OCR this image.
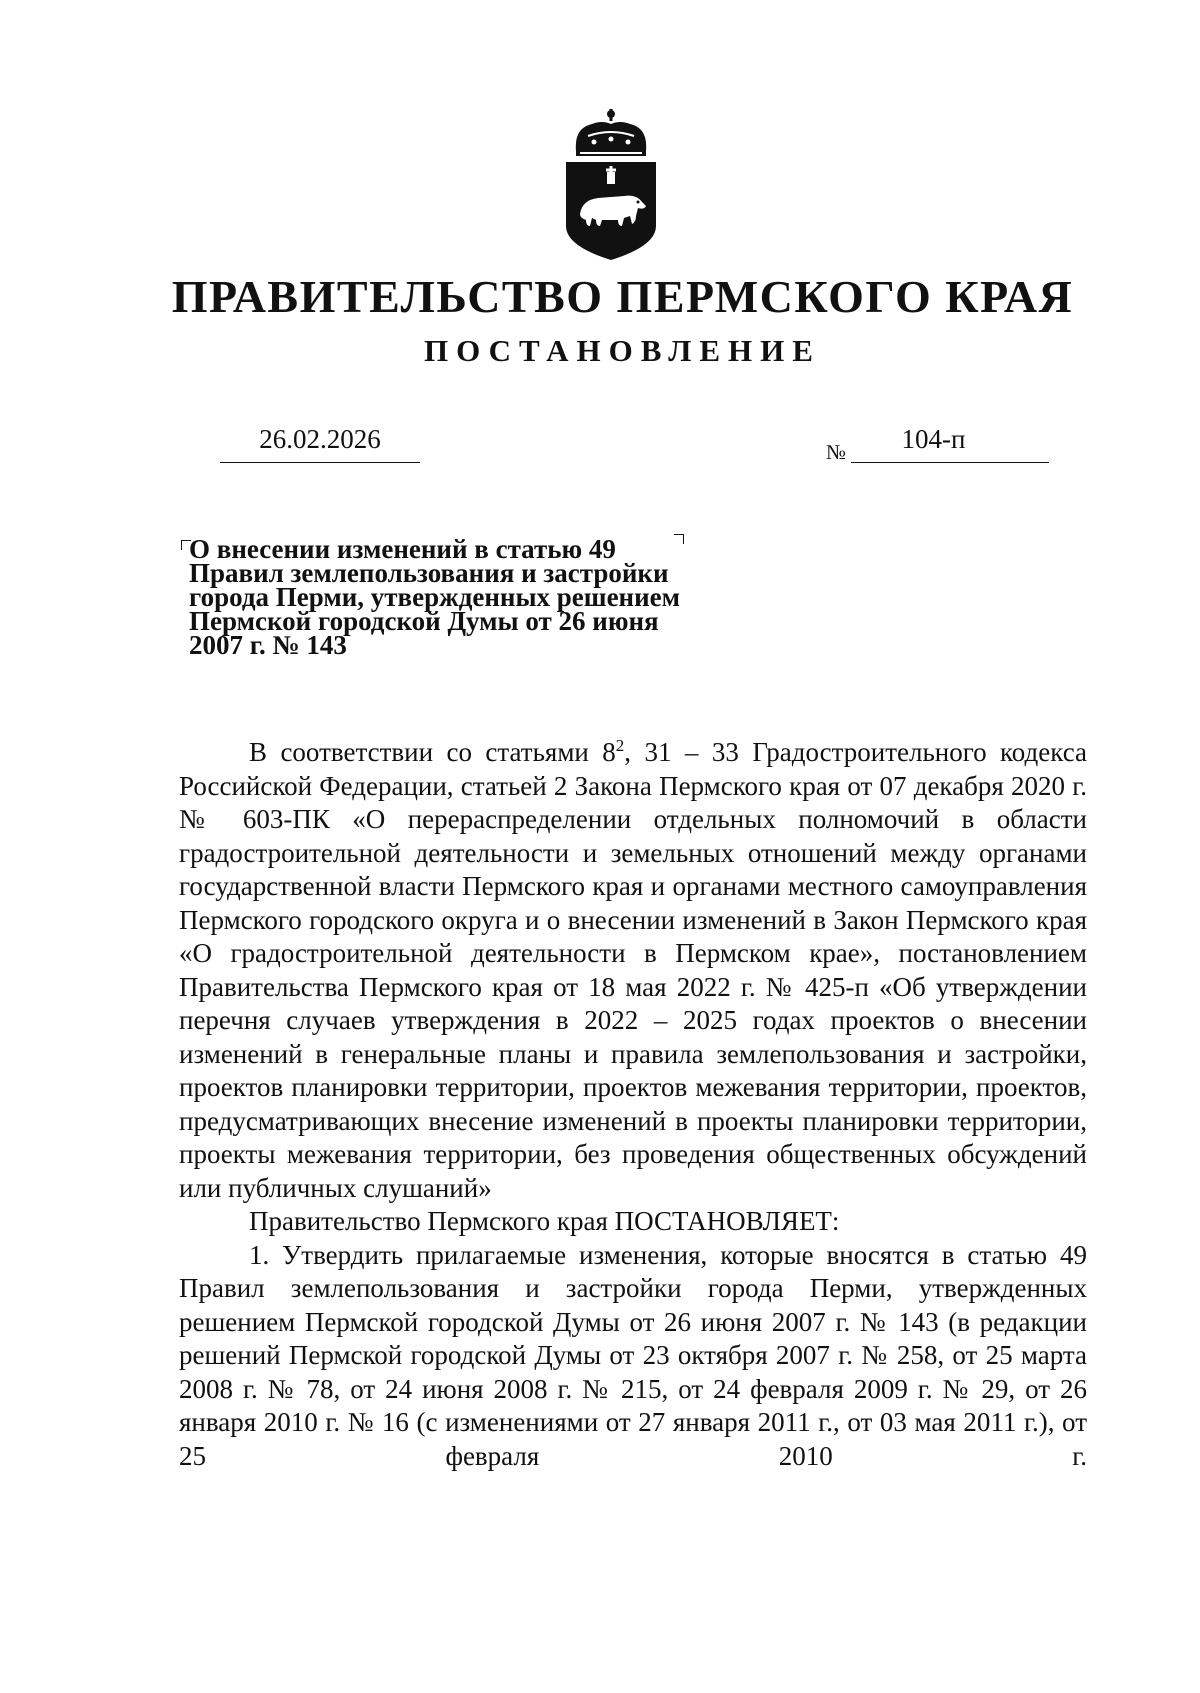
ПРАВИТЕЛЬСТВО ПЕРМСКОГО КРАЯ
ПОСТАНОВЛЕНИЕ
26.02.2026	№	104-п
О внесении изменений в статью 49
Правил землепользования и застройки
города Перми, утвержденных решением
Пермской городской Думы от 26 июня
2007 г. № 143

В соответствии со статьями $8^2$, 31 – 33 Градостроительного кодекса Российской Федерации, статьей 2 Закона Пермского края от 07 декабря 2020 г. № 603-ПК «О перераспределении отдельных полномочий в области градостроительной деятельности и земельных отношений между органами государственной власти Пермского края и органами местного самоуправления Пермского городского округа и о внесении изменений в Закон Пермского края «О градостроительной деятельности в Пермском крае», постановлением Правительства Пермского края от 18 мая 2022 г. № 425-п «Об утверждении перечня случаев утверждения в 2022 – 2025 годах проектов о внесении изменений в генеральные планы и правила землепользования и застройки, проектов планировки территории, проектов межевания территории, проектов, предусматривающих внесение изменений в проекты планировки территории, проекты межевания территории, без проведения общественных обсуждений или публичных слушаний»

Правительство Пермского края ПОСТАНОВЛЯЕТ:

1. Утвердить прилагаемые изменения, которые вносятся в статью 49 Правил землепользования и застройки города Перми, утвержденных решением Пермской городской Думы от 26 июня 2007 г. № 143 (в редакции решений Пермской городской Думы от 23 октября 2007 г. № 258, от 25 марта 2008 г. № 78, от 24 июня 2008 г. № 215, от 24 февраля 2009 г. № 29, от 26 января 2010 г. № 16 (с изменениями от 27 января 2011 г., от 03 мая 2011 г.), от 25 февраля 2010 г.
